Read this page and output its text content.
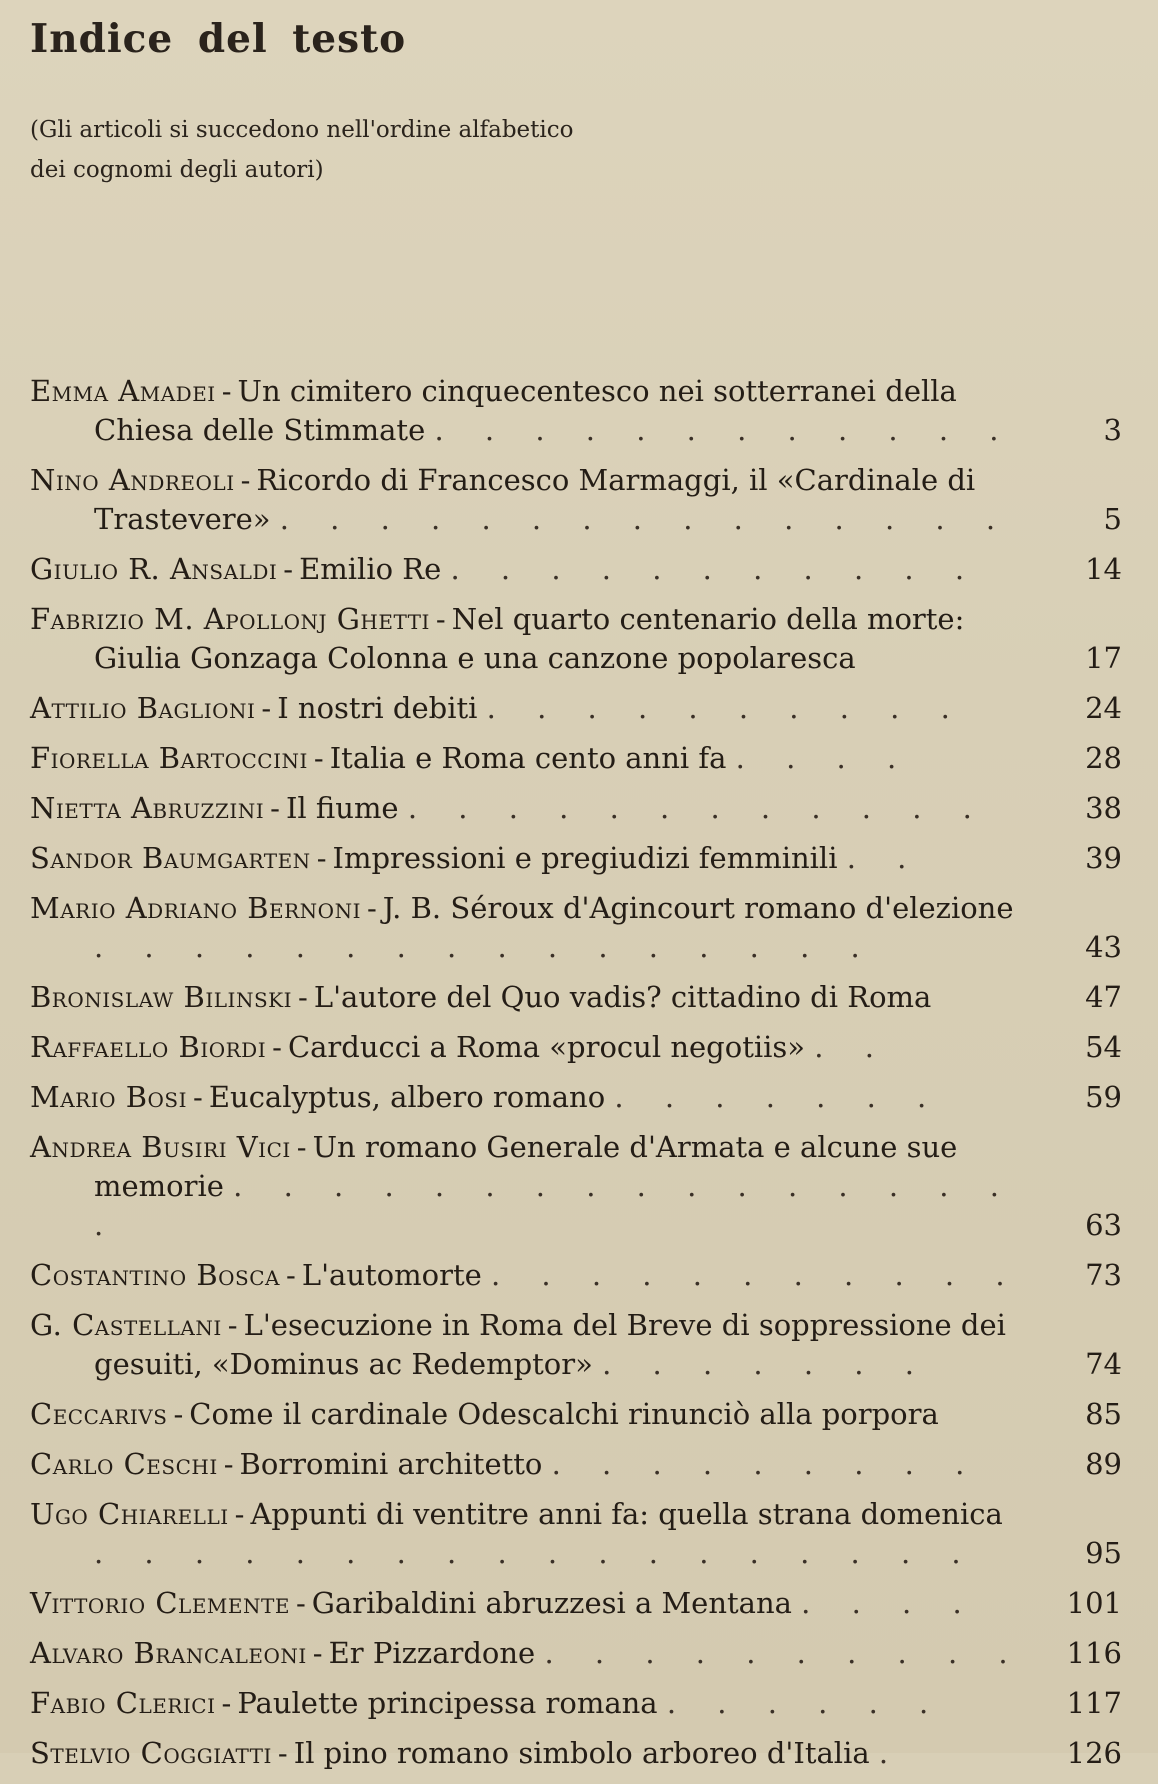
Indice del testo
(Gli articoli si succedono nell'ordine alfabetico
dei cognomi degli autori)
Emma Amadei - Un cimitero cinquecentesco nei sotterranei della Chiesa delle Stimmate . . . . . . . . . . . .	3
Nino Andreoli - Ricordo di Francesco Marmaggi, il «Cardinale di Trastevere» . . . . . . . . . . . . . . .	5
Giulio R. Ansaldi - Emilio Re . . . . . . . . . . .	14
Fabrizio M. Apollonj Ghetti - Nel quarto centenario della morte: Giulia Gonzaga Colonna e una canzone popolaresca	17
Attilio Baglioni - I nostri debiti . . . . . . . . . .	24
Fiorella Bartoccini - Italia e Roma cento anni fa . . . .	28
Nietta Abruzzini - Il fiume . . . . . . . . . . . .	38
Sandor Baumgarten - Impressioni e pregiudizi femminili . .	39
Mario Adriano Bernoni - J. B. Séroux d'Agincourt romano d'elezione . . . . . . . . . . . . . . . .	43
Bronislaw Bilinski - L'autore del Quo vadis? cittadino di Roma	47
Raffaello Biordi - Carducci a Roma «procul negotiis» . .	54
Mario Bosi - Eucalyptus, albero romano . . . . . . .	59
Andrea Busiri Vici - Un romano Generale d'Armata e alcune sue memorie . . . . . . . . . . . . . . . . .	63
Costantino Bosca - L'automorte . . . . . . . . . . .	73
G. Castellani - L'esecuzione in Roma del Breve di soppressione dei gesuiti, «Dominus ac Redemptor» . . . . . . .	74
Ceccarivs - Come il cardinale Odescalchi rinunciò alla porpora	85
Carlo Ceschi - Borromini architetto . . . . . . . . .	89
Ugo Chiarelli - Appunti di ventitre anni fa: quella strana domenica . . . . . . . . . . . . . . . . . .	95
Vittorio Clemente - Garibaldini abruzzesi a Mentana . . . .	101
Alvaro Brancaleoni - Er Pizzardone . . . . . . . . . .	116
Fabio Clerici - Paulette principessa romana . . . . . .	117
Stelvio Coggiatti - Il pino romano simbolo arboreo d'Italia .	126
